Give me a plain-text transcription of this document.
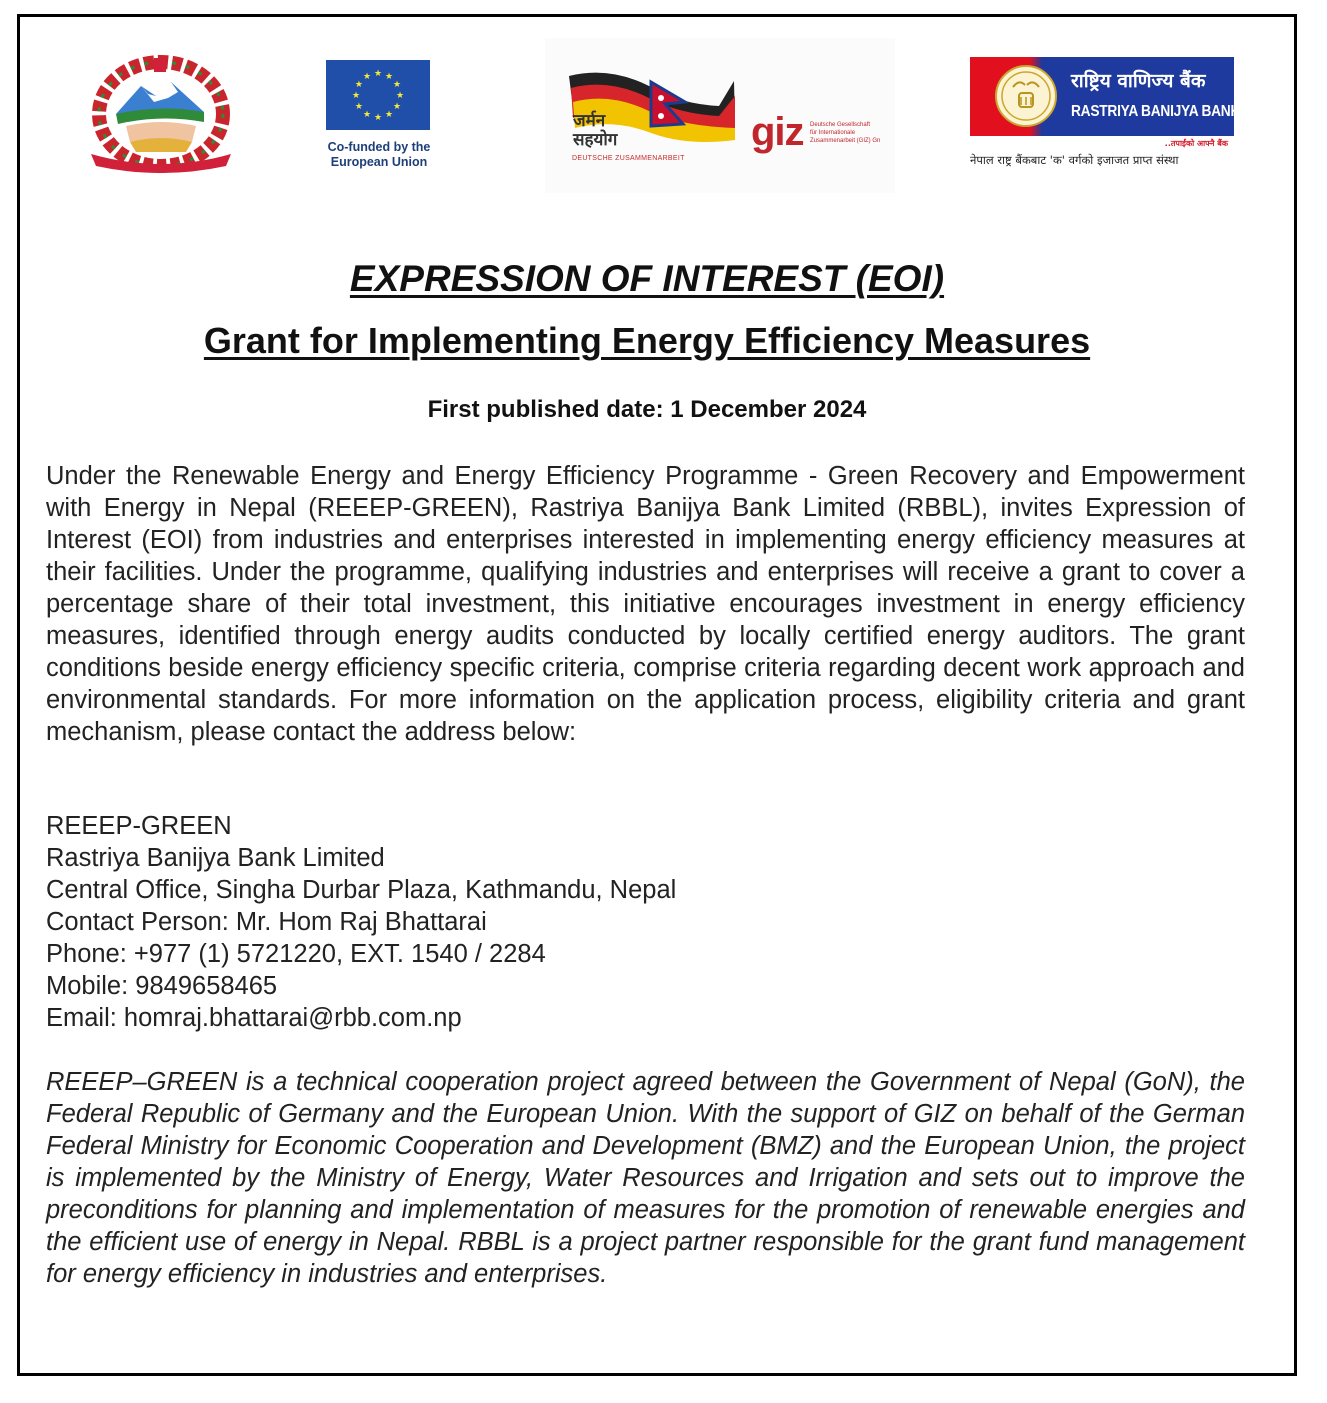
★ ★
★
★
★
★
★
★
★
★
★
★
Co-funded by the
European Union
जर्मन
सहयोग
DEUTSCHE ZUSAMMENARBEIT
giz Deutsche Gesellschaft
für Internationale
Zusammenarbeit (GIZ) Gn
राष्ट्रिय वाणिज्य बैंक
RASTRIYA BANIJYA BANK
..तपाईंको आफ्नै बैंक
नेपाल राष्ट्र बैंकबाट 'क' वर्गको इजाजत प्राप्त संस्था
EXPRESSION OF INTEREST (EOI)
Grant for Implementing Energy Efficiency Measures
First published date: 1 December 2024
Under the Renewable Energy and Energy Efficiency Programme - Green Recovery and Empowerment with Energy in Nepal (REEEP-GREEN), Rastriya Banijya Bank Limited (RBBL), invites Expression of Interest (EOI) from industries and enterprises interested in implementing energy efficiency measures at their facilities. Under the programme, qualifying industries and enterprises will receive a grant to cover a percentage share of their total investment, this initiative encourages investment in energy efficiency measures, identified through energy audits conducted by locally certified energy auditors. The grant conditions beside energy efficiency specific criteria, comprise criteria regarding decent work approach and environmental standards. For more information on the application process, eligibility criteria and grant mechanism, please contact the address below:
REEEP-GREEN
Rastriya Banijya Bank Limited
Central Office, Singha Durbar Plaza, Kathmandu, Nepal
Contact Person: Mr. Hom Raj Bhattarai
Phone: +977 (1) 5721220, EXT. 1540 / 2284
Mobile: 9849658465
Email: homraj.bhattarai@rbb.com.np
REEEP–GREEN is a technical cooperation project agreed between the Government of Nepal (GoN), the Federal Republic of Germany and the European Union. With the support of GIZ on behalf of the German Federal Ministry for Economic Cooperation and Development (BMZ) and the European Union, the project is implemented by the Ministry of Energy, Water Resources and Irrigation and sets out to improve the preconditions for planning and implementation of measures for the promotion of renewable energies and the efficient use of energy in Nepal. RBBL is a project partner responsible for the grant fund management for energy efficiency in industries and enterprises.
